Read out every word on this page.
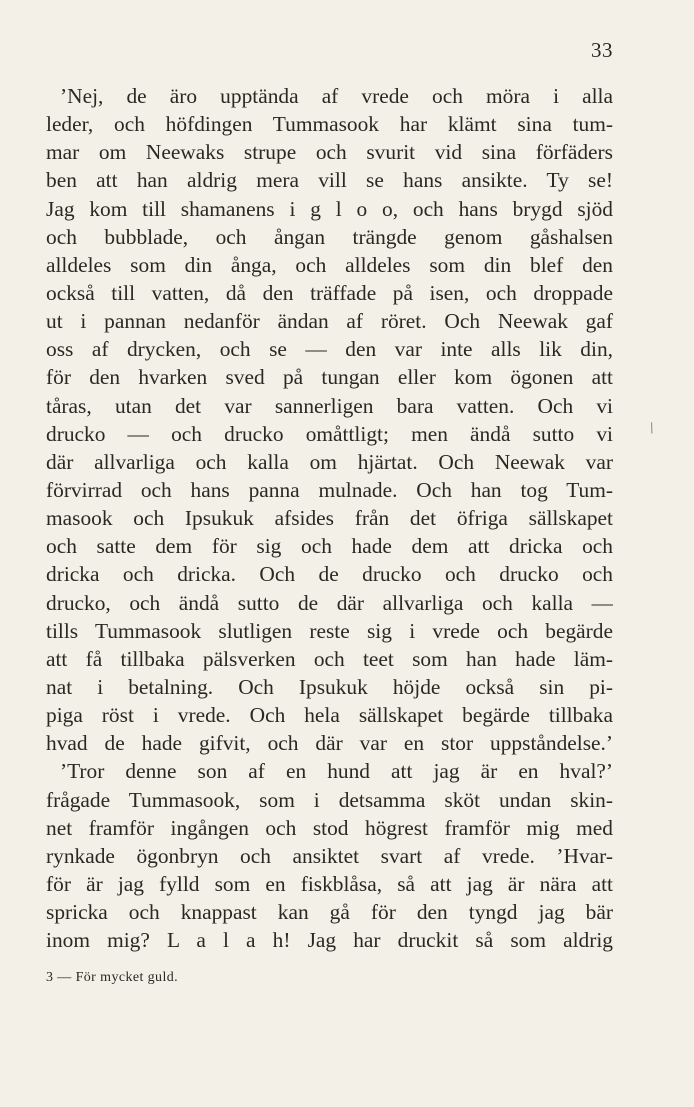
33
’Nej, de äro upptända af vrede och möra i alla
leder, och höfdingen Tummasook har klämt sina tum-
mar om Neewaks strupe och svurit vid sina förfäders
ben att han aldrig mera vill se hans ansikte. Ty se!
Jag kom till shamanens i g l o o, och hans brygd sjöd
och bubblade, och ångan trängde genom gåshalsen
alldeles som din ånga, och alldeles som din blef den
också till vatten, då den träffade på isen, och droppade
ut i pannan nedanför ändan af röret. Och Neewak gaf
oss af drycken, och se — den var inte alls lik din,
för den hvarken sved på tungan eller kom ögonen att
tåras, utan det var sannerligen bara vatten. Och vi
drucko — och drucko omåttligt; men ändå sutto vi
där allvarliga och kalla om hjärtat. Och Neewak var
förvirrad och hans panna mulnade. Och han tog Tum-
masook och Ipsukuk afsides från det öfriga sällskapet
och satte dem för sig och hade dem att dricka och
dricka och dricka. Och de drucko och drucko och
drucko, och ändå sutto de där allvarliga och kalla —
tills Tummasook slutligen reste sig i vrede och begärde
att få tillbaka pälsverken och teet som han hade läm-
nat i betalning. Och Ipsukuk höjde också sin pi-
piga röst i vrede. Och hela sällskapet begärde tillbaka
hvad de hade gifvit, och där var en stor uppståndelse.’
’Tror denne son af en hund att jag är en hval?’
frågade Tummasook, som i detsamma sköt undan skin-
net framför ingången och stod högrest framför mig med
rynkade ögonbryn och ansiktet svart af vrede. ’Hvar-
för är jag fylld som en fiskblåsa, så att jag är nära att
spricka och knappast kan gå för den tyngd jag bär
inom mig? L a l a h! Jag har druckit så som aldrig
/
3 — För mycket guld.
